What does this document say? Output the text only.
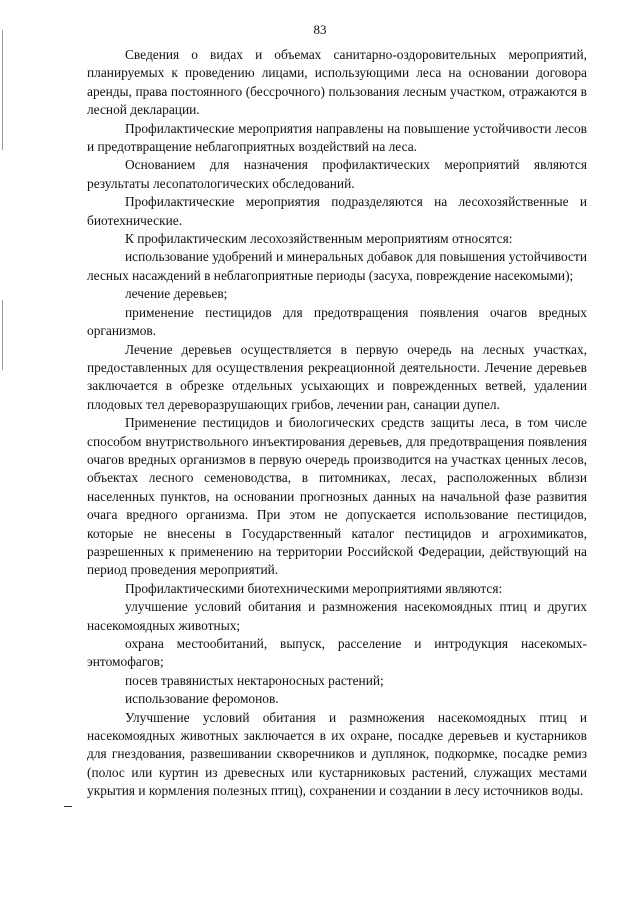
83

Сведения о видах и объемах санитарно-оздоровительных мероприятий, планируемых к проведению лицами, использующими леса на основании договора аренды, права постоянного (бессрочного) пользования лесным участком, отражаются в лесной декларации.

Профилактические мероприятия направлены на повышение устойчивости лесов и предотвращение неблагоприятных воздействий на леса.

Основанием для назначения профилактических мероприятий являются результаты лесопатологических обследований.

Профилактические мероприятия подразделяются на лесохозяйственные и биотехнические.

К профилактическим лесохозяйственным мероприятиям относятся:

использование удобрений и минеральных добавок для повышения устойчивости лесных насаждений в неблагоприятные периоды (засуха, повреждение насекомыми);

лечение деревьев;

применение пестицидов для предотвращения появления очагов вредных организмов.

Лечение деревьев осуществляется в первую очередь на лесных участках, предоставленных для осуществления рекреационной деятельности. Лечение деревьев заключается в обрезке отдельных усыхающих и поврежденных ветвей, удалении плодовых тел дереворазрушающих грибов, лечении ран, санации дупел.

Применение пестицидов и биологических средств защиты леса, в том числе способом внутриствольного инъектирования деревьев, для предотвращения появления очагов вредных организмов в первую очередь производится на участках ценных лесов, объектах лесного семеноводства, в питомниках, лесах, расположенных вблизи населенных пунктов, на основании прогнозных данных на начальной фазе развития очага вредного организма. При этом не допускается использование пестицидов, которые не внесены в Государственный каталог пестицидов и агрохимикатов, разрешенных к применению на территории Российской Федерации, действующий на период проведения мероприятий.

Профилактическими биотехническими мероприятиями являются:

улучшение условий обитания и размножения насекомоядных птиц и других насекомоядных животных;

охрана местообитаний, выпуск, расселение и интродукция насекомых-энтомофагов;

посев травянистых нектароносных растений;

использование феромонов.

Улучшение условий обитания и размножения насекомоядных птиц и насекомоядных животных заключается в их охране, посадке деревьев и кустарников для гнездования, развешивании скворечников и дуплянок, подкормке, посадке ремиз (полос или куртин из древесных или кустарниковых растений, служащих местами укрытия и кормления полезных птиц), сохранении и создании в лесу источников воды.
